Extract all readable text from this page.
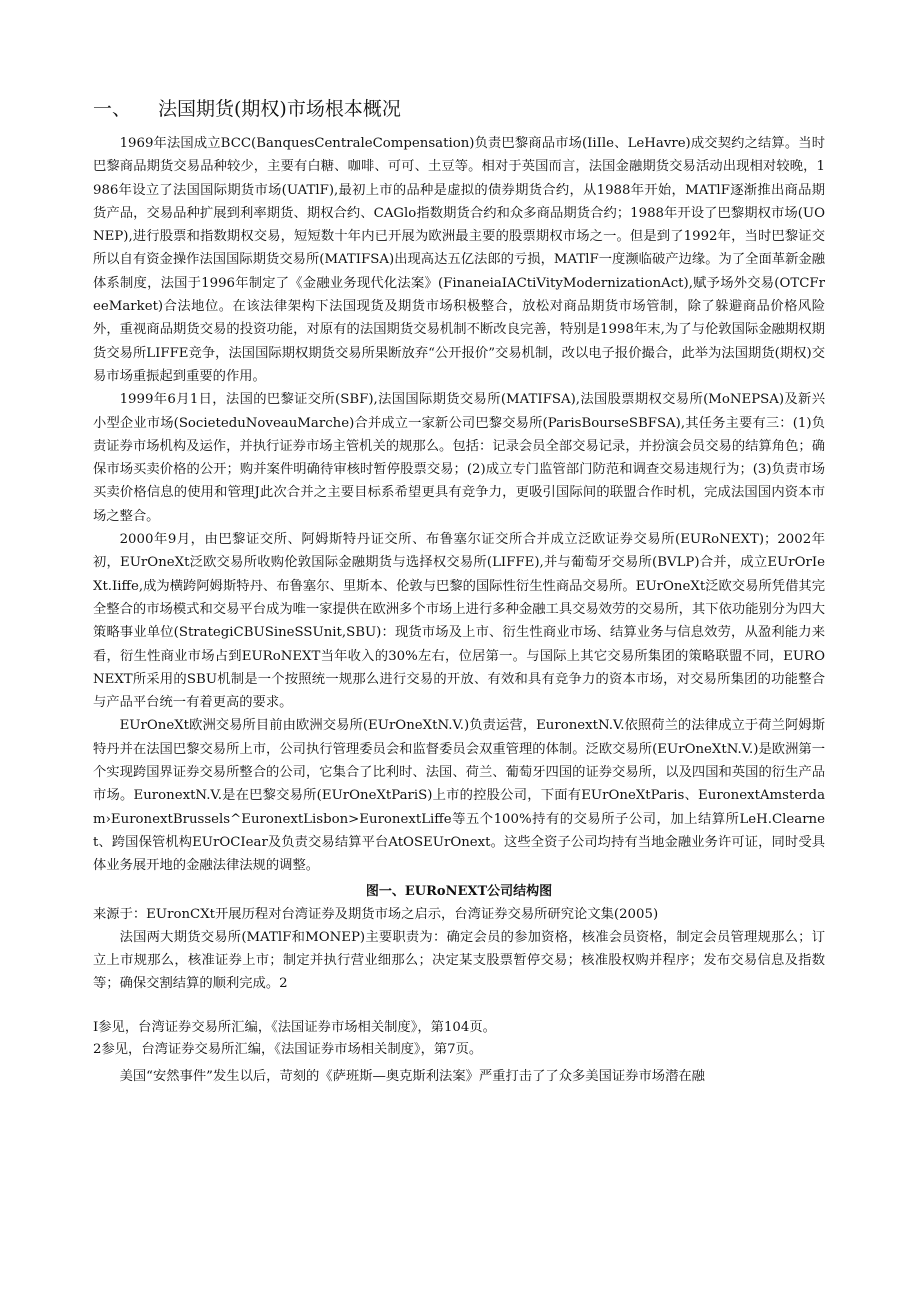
一、	法国期货(期权)市场根本概况

1969年法国成立BCC(BanquesCentraleCompensation)负责巴黎商品市场(IiIle、LeHavre)成交契约之结算。当时巴黎商品期货交易品种较少，主要有白糖、咖啡、可可、土豆等。相对于英国而言，法国金融期货交易活动出现相对较晚，1986年设立了法国国际期货市场(UATlF),最初上市的品种是虚拟的债券期货合约，从1988年开始，MATlF逐渐推出商品期货产品，交易品种扩展到利率期货、期权合约、CAGlo指数期货合约和众多商品期货合约；1988年开设了巴黎期权市场(UONEP),进行股票和指数期权交易，短短数十年内已开展为欧洲最主要的股票期权市场之一。但是到了1992年，当时巴黎证交所以自有资金操作法国国际期货交易所(MATIFSA)出现高达五亿法郎的亏损，MATlF一度濒临破产边缘。为了全面革新金融体系制度，法国于1996年制定了《金融业务现代化法案》(FinaneiaIACtiVityModernizationAct),赋予场外交易(OTCFreeMarket)合法地位。在该法律架构下法国现货及期货市场积极整合，放松对商品期货市场管制，除了躲避商品价格风险外，重视商品期货交易的投资功能，对原有的法国期货交易机制不断改良完善，特别是1998年末,为了与伦敦国际金融期权期货交易所LIFFE竞争，法国国际期权期货交易所果断放弃“公开报价”交易机制，改以电子报价撮合，此举为法国期货(期权)交易市场重振起到重要的作用。

1999年6月1日，法国的巴黎证交所(SBF),法国国际期货交易所(MATIFSA),法国股票期权交易所(MoNEPSA)及新兴小型企业市场(SocieteduNoveauMarche)合并成立一家新公司巴黎交易所(ParisBourseSBFSA),其任务主要有三：(1)负责证券市场机构及运作，并执行证券市场主管机关的规那么。包括：记录会员全部交易记录，并扮演会员交易的结算角色；确保市场买卖价格的公开；购并案件明确待审核时暂停股票交易；(2)成立专门监管部门防范和调查交易违规行为；(3)负责市场买卖价格信息的使用和管理J此次合并之主要目标系希望更具有竞争力，更吸引国际间的联盟合作时机，完成法国国内资本市场之整合。

2000年9月，由巴黎证交所、阿姆斯特丹证交所、布鲁塞尔证交所合并成立泛欧证券交易所(EURoNEXT)；2002年初，EUrOneXt泛欧交易所收购伦敦国际金融期货与选择权交易所(LIFFE),并与葡萄牙交易所(BVLP)合并，成立EUrOrIeXt.Iiffe,成为横跨阿姆斯特丹、布鲁塞尔、里斯本、伦敦与巴黎的国际性衍生性商品交易所。EUrOneXt泛欧交易所凭借其完全整合的市场模式和交易平台成为唯一家提供在欧洲多个市场上进行多种金融工具交易效劳的交易所，其下依功能别分为四大策略事业单位(StrategiCBUSineSSUnit,SBU)：现货市场及上市、衍生性商业市场、结算业务与信息效劳，从盈利能力来看，衍生性商业市场占到EURoNEXT当年收入的30%左右，位居第一。与国际上其它交易所集团的策略联盟不同，EURONEXT所采用的SBU机制是一个按照统一规那么进行交易的开放、有效和具有竞争力的资本市场，对交易所集团的功能整合与产品平台统一有着更高的要求。

EUrOneXt欧洲交易所目前由欧洲交易所(EUrOneXtN.V.)负责运营，EuronextN.V.依照荷兰的法律成立于荷兰阿姆斯特丹并在法国巴黎交易所上市，公司执行管理委员会和监督委员会双重管理的体制。泛欧交易所(EUrOneXtN.V.)是欧洲第一个实现跨国界证券交易所整合的公司，它集合了比利时、法国、荷兰、葡萄牙四国的证券交易所，以及四国和英国的衍生产品市场。EuronextN.V.是在巴黎交易所(EUrOneXtPariS)上市的控股公司，下面有EUrOneXtParis、EuronextAmsterdam›EuronextBrussels^EuronextLisbon>EuronextLiffe等五个100%持有的交易所子公司，加上结算所LeH.Clearnet、跨国保管机构EUrOCIear及负责交易结算平台AtOSEUrOnext。这些全资子公司均持有当地金融业务许可证，同时受具体业务展开地的金融法律法规的调整。

图一、EURoNEXT公司结构图

来源于：EUronCXt开展历程对台湾证券及期货市场之启示，台湾证券交易所研究论文集(2005)

法国两大期货交易所(MATlF和MONEP)主要职责为：确定会员的参加资格，核准会员资格，制定会员管理规那么；订立上市规那么，核准证券上市；制定并执行营业细那么；决定某支股票暂停交易；核准股权购并程序；发布交易信息及指数等；确保交割结算的顺利完成。2

I参见，台湾证券交易所汇编，《法国证券市场相关制度》，第104页。

2参见，台湾证券交易所汇编，《法国证券市场相关制度》，第7页。

美国“安然事件”发生以后，苛刻的《萨班斯—奥克斯利法案》严重打击了了众多美国证券市场潜在融
